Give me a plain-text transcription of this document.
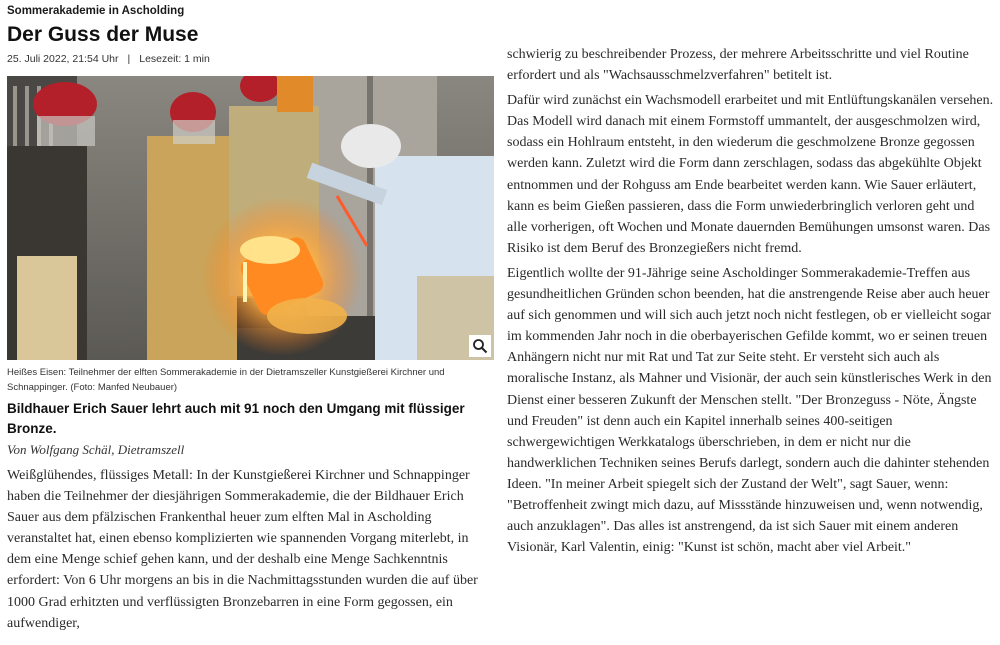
Sommerakademie in Ascholding
Der Guss der Muse
25. Juli 2022, 21:54 Uhr | Lesezeit: 1 min
Heißes Eisen: Teilnehmer der elften Sommerakademie in der Dietramszeller Kunstgießerei Kirchner und Schnappinger. (Foto: Manfed Neubauer)
Bildhauer Erich Sauer lehrt auch mit 91 noch den Umgang mit flüssiger Bronze.
Von Wolfgang Schäl, Dietramszell
Weißglühendes, flüssiges Metall: In der Kunstgießerei Kirchner und Schnappinger haben die Teilnehmer der diesjährigen Sommerakademie, die der Bildhauer Erich Sauer aus dem pfälzischen Frankenthal heuer zum elften Mal in Ascholding veranstaltet hat, einen ebenso komplizierten wie spannenden Vorgang miterlebt, in dem eine Menge schief gehen kann, und der deshalb eine Menge Sachkenntnis erfordert: Von 6 Uhr morgens an bis in die Nachmittagsstunden wurden die auf über 1000 Grad erhitzten und verflüssigten Bronzebarren in eine Form gegossen, ein aufwendiger,

schwierig zu beschreibender Prozess, der mehrere Arbeitsschritte und viel Routine erfordert und als "Wachsausschmelzverfahren" betitelt ist.

Dafür wird zunächst ein Wachsmodell erarbeitet und mit Entlüftungskanälen versehen. Das Modell wird danach mit einem Formstoff ummantelt, der ausgeschmolzen wird, sodass ein Hohlraum entsteht, in den wiederum die geschmolzene Bronze gegossen werden kann. Zuletzt wird die Form dann zerschlagen, sodass das abgekühlte Objekt entnommen und der Rohguss am Ende bearbeitet werden kann. Wie Sauer erläutert, kann es beim Gießen passieren, dass die Form unwiederbringlich verloren geht und alle vorherigen, oft Wochen und Monate dauernden Bemühungen umsonst waren. Das Risiko ist dem Beruf des Bronzegießers nicht fremd.

Eigentlich wollte der 91-Jährige seine Ascholdinger Sommerakademie-Treffen aus gesundheitlichen Gründen schon beenden, hat die anstrengende Reise aber auch heuer auf sich genommen und will sich auch jetzt noch nicht festlegen, ob er vielleicht sogar im kommenden Jahr noch in die oberbayerischen Gefilde kommt, wo er seinen treuen Anhängern nicht nur mit Rat und Tat zur Seite steht. Er versteht sich auch als moralische Instanz, als Mahner und Visionär, der auch sein künstlerisches Werk in den Dienst einer besseren Zukunft der Menschen stellt. "Der Bronzeguss - Nöte, Ängste und Freuden" ist denn auch ein Kapitel innerhalb seines 400-seitigen schwergewichtigen Werkkatalogs überschrieben, in dem er nicht nur die handwerklichen Techniken seines Berufs darlegt, sondern auch die dahinter stehenden Ideen. "In meiner Arbeit spiegelt sich der Zustand der Welt", sagt Sauer, wenn: "Betroffenheit zwingt mich dazu, auf Missstände hinzuweisen und, wenn notwendig, auch anzuklagen". Das alles ist anstrengend, da ist sich Sauer mit einem anderen Visionär, Karl Valentin, einig: "Kunst ist schön, macht aber viel Arbeit."
